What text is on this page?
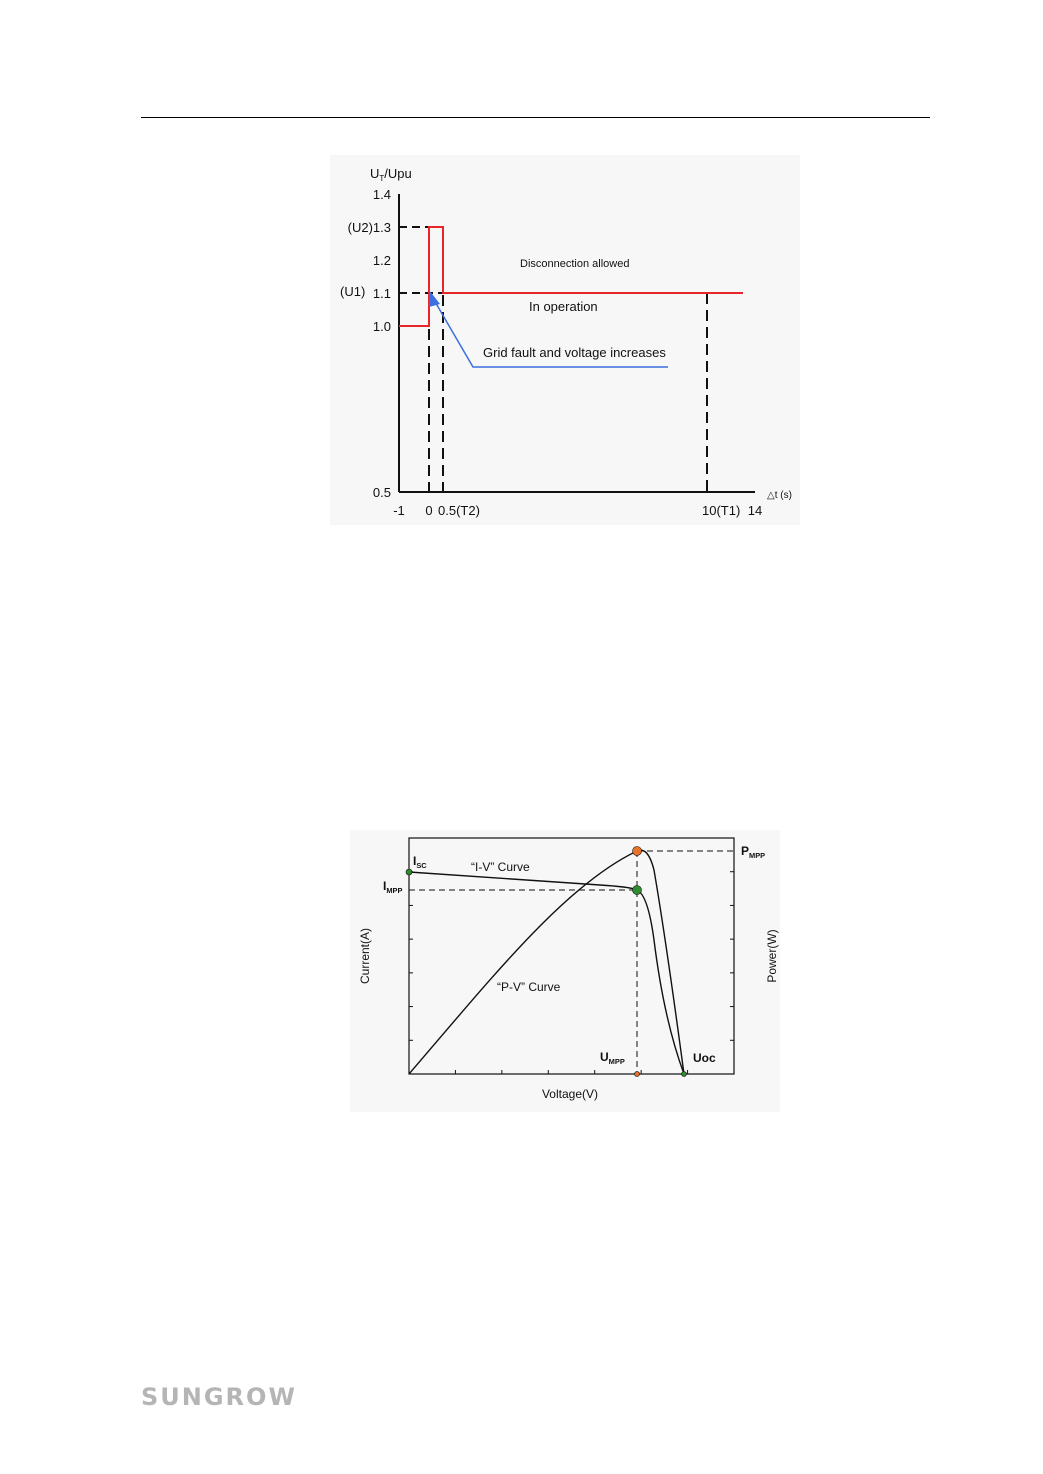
$U_T$/Upu
1.4
(U2)1.3
1.2
1.1
(U1)
1.0
0.5
-1 0 0.5(T2)	10(T1) 14
△t (s)
Disconnection allowed
In operation
Grid fault and voltage increases
Voltage(V)
Current(A)	Power(W)
“I-V” Curve
“P-V” Curve
$I_{SC}$
$I_{MPP}$
$P_{MPP}$
$U_{MPP}$	Uoc
SUNGROW
